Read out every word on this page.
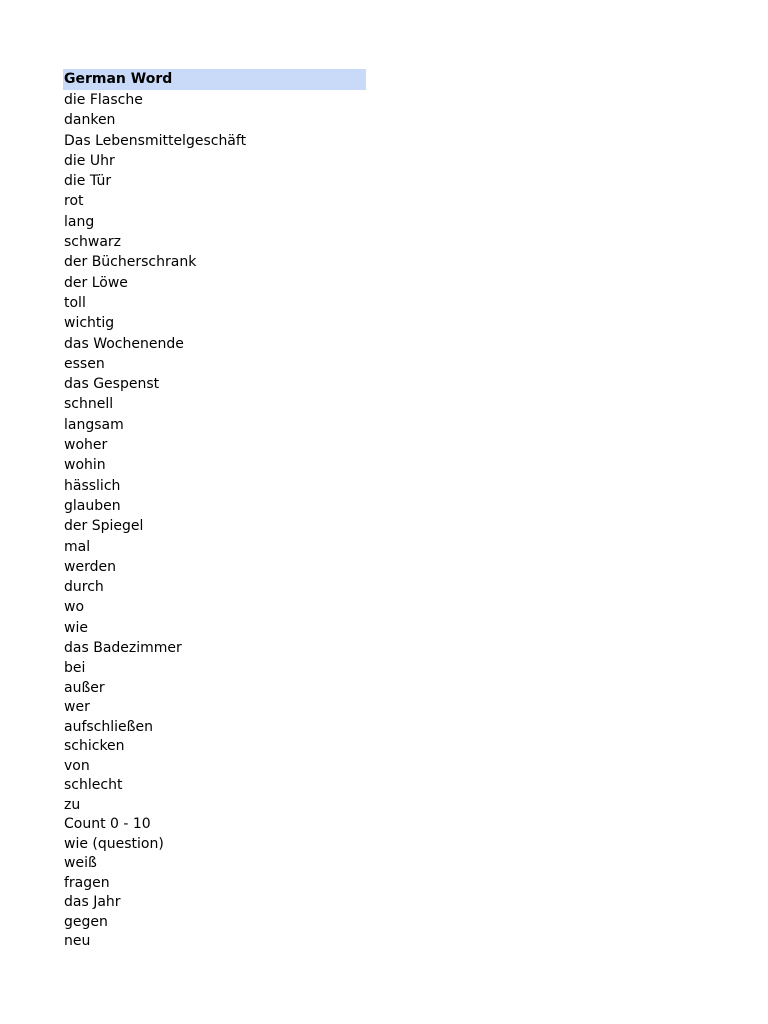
German Word
die Flasche
danken
Das Lebensmittelgeschäft
die Uhr
die Tür
rot
lang
schwarz
der Bücherschrank
der Löwe
toll
wichtig
das Wochenende
essen
das Gespenst
schnell
langsam
woher
wohin
hässlich
glauben
der Spiegel
mal
werden
durch
wo
wie
das Badezimmer
bei
außer
wer
aufschließen
schicken
von
schlecht
zu
Count 0 - 10
wie (question)
weiß
fragen
das Jahr
gegen
neu
